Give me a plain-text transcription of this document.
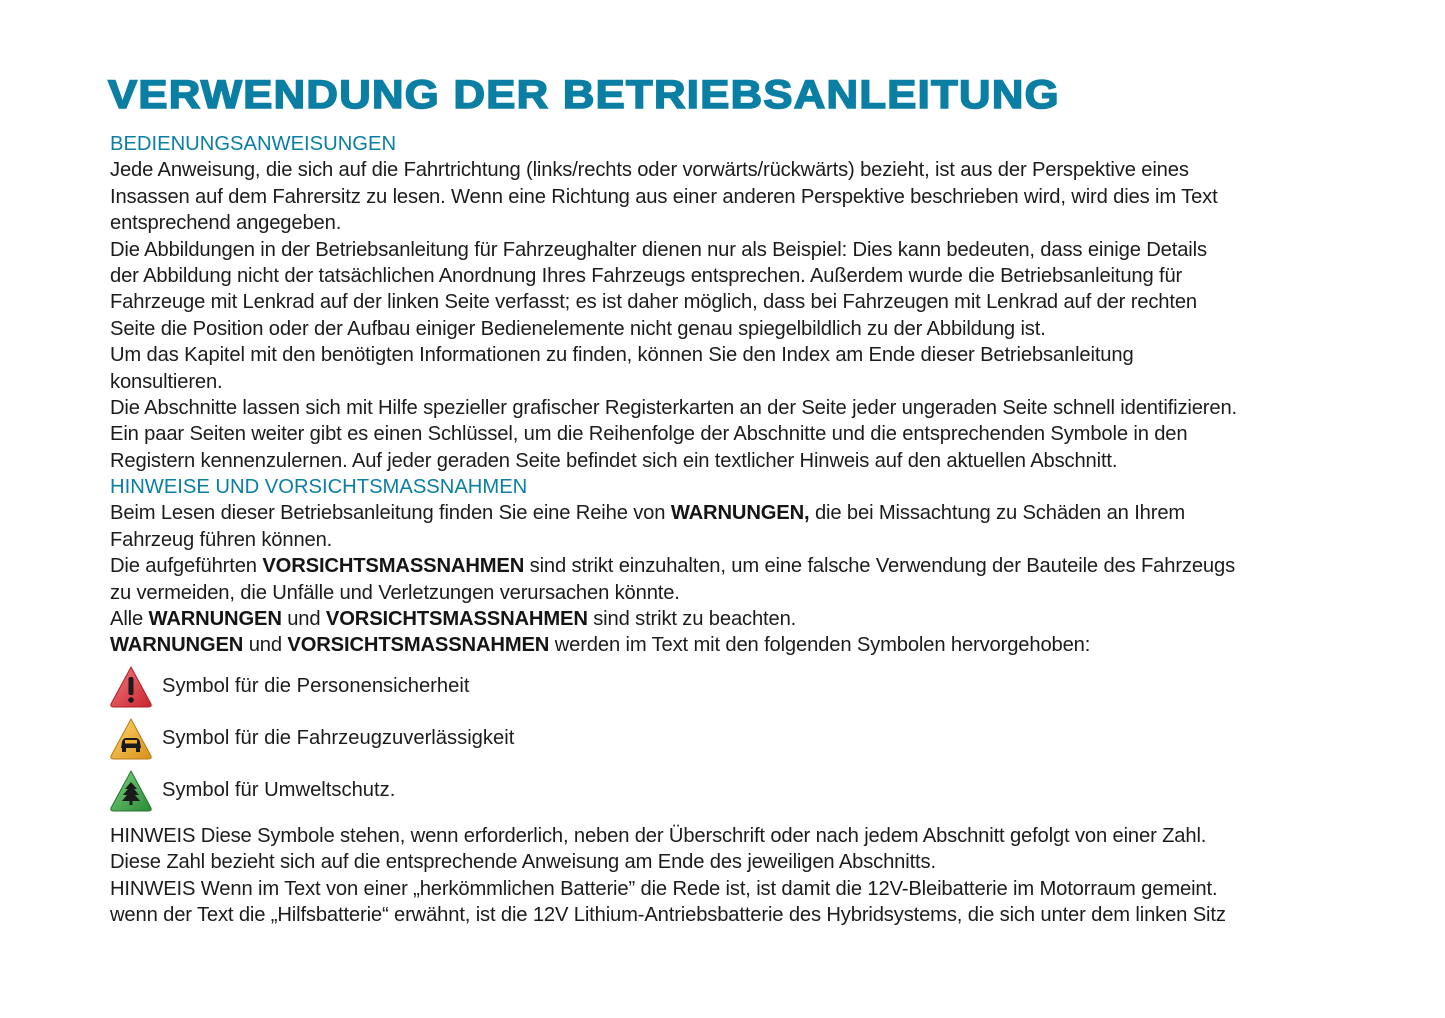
VERWENDUNG DER BETRIEBSANLEITUNG
BEDIENUNGSANWEISUNGEN
Jede Anweisung, die sich auf die Fahrtrichtung (links/rechts oder vorwärts/rückwärts) bezieht, ist aus der Perspektive eines
Insassen auf dem Fahrersitz zu lesen. Wenn eine Richtung aus einer anderen Perspektive beschrieben wird, wird dies im Text
entsprechend angegeben.
Die Abbildungen in der Betriebsanleitung für Fahrzeughalter dienen nur als Beispiel: Dies kann bedeuten, dass einige Details
der Abbildung nicht der tatsächlichen Anordnung Ihres Fahrzeugs entsprechen. Außerdem wurde die Betriebsanleitung für
Fahrzeuge mit Lenkrad auf der linken Seite verfasst; es ist daher möglich, dass bei Fahrzeugen mit Lenkrad auf der rechten
Seite die Position oder der Aufbau einiger Bedienelemente nicht genau spiegelbildlich zu der Abbildung ist.
Um das Kapitel mit den benötigten Informationen zu finden, können Sie den Index am Ende dieser Betriebsanleitung
konsultieren.
Die Abschnitte lassen sich mit Hilfe spezieller grafischer Registerkarten an der Seite jeder ungeraden Seite schnell identifizieren.
Ein paar Seiten weiter gibt es einen Schlüssel, um die Reihenfolge der Abschnitte und die entsprechenden Symbole in den
Registern kennenzulernen. Auf jeder geraden Seite befindet sich ein textlicher Hinweis auf den aktuellen Abschnitt.
HINWEISE UND VORSICHTSMASSNAHMEN
Beim Lesen dieser Betriebsanleitung finden Sie eine Reihe von WARNUNGEN, die bei Missachtung zu Schäden an Ihrem
Fahrzeug führen können.
Die aufgeführten VORSICHTSMASSNAHMEN sind strikt einzuhalten, um eine falsche Verwendung der Bauteile des Fahrzeugs
zu vermeiden, die Unfälle und Verletzungen verursachen könnte.
Alle WARNUNGEN und VORSICHTSMASSNAHMEN sind strikt zu beachten.
WARNUNGEN und VORSICHTSMASSNAHMEN werden im Text mit den folgenden Symbolen hervorgehoben:
Symbol für die Personensicherheit
Symbol für die Fahrzeugzuverlässigkeit
Symbol für Umweltschutz.
HINWEIS Diese Symbole stehen, wenn erforderlich, neben der Überschrift oder nach jedem Abschnitt gefolgt von einer Zahl.
Diese Zahl bezieht sich auf die entsprechende Anweisung am Ende des jeweiligen Abschnitts.
HINWEIS Wenn im Text von einer „herkömmlichen Batterie” die Rede ist, ist damit die 12V-Bleibatterie im Motorraum gemeint.
wenn der Text die „Hilfsbatterie“ erwähnt, ist die 12V Lithium-Antriebsbatterie des Hybridsystems, die sich unter dem linken Sitz
